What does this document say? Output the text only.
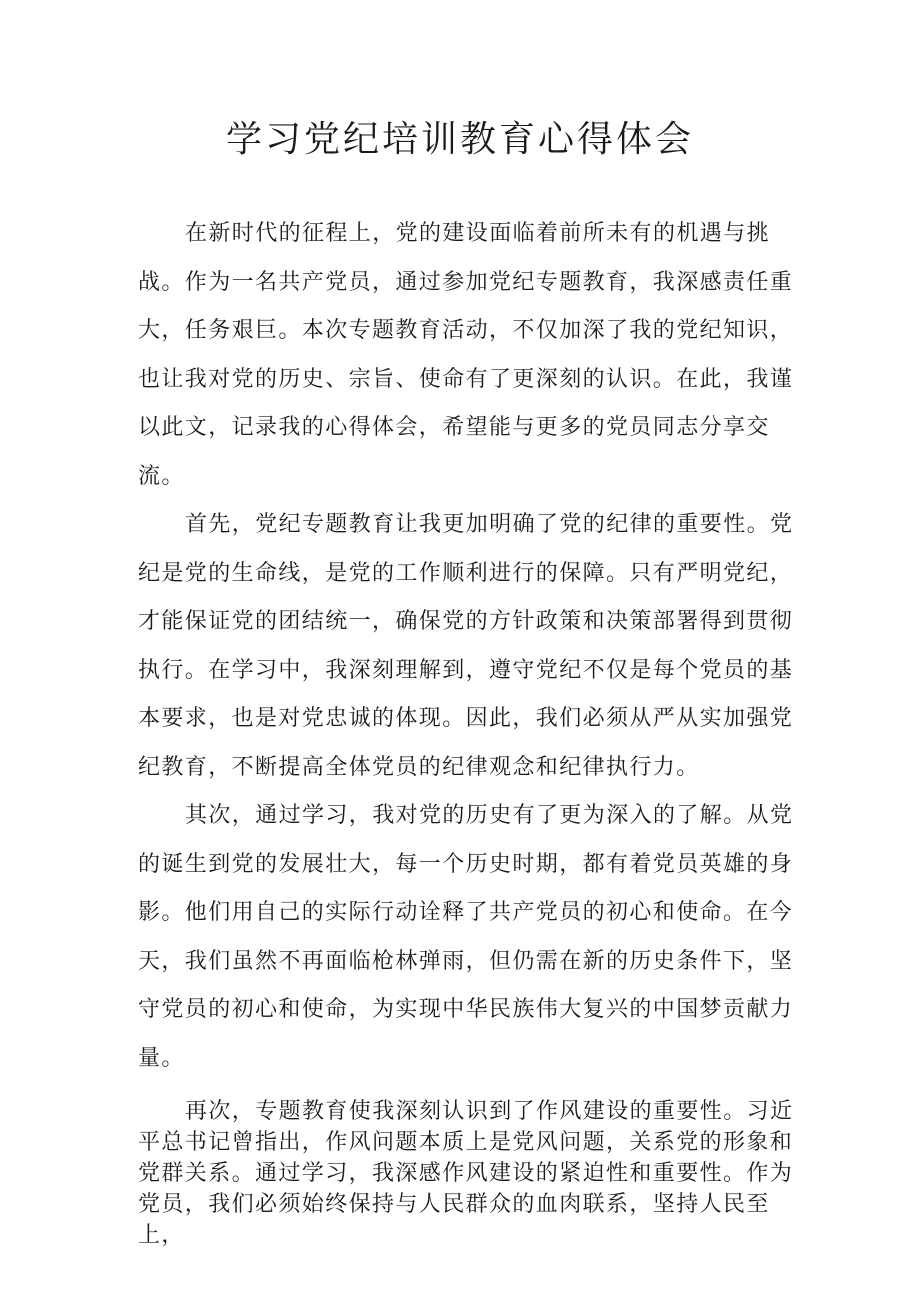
学习党纪培训教育心得体会

在新时代的征程上，党的建设面临着前所未有的机遇与挑战。作为一名共产党员，通过参加党纪专题教育，我深感责任重大，任务艰巨。本次专题教育活动，不仅加深了我的党纪知识，也让我对党的历史、宗旨、使命有了更深刻的认识。在此，我谨以此文，记录我的心得体会，希望能与更多的党员同志分享交流。

首先，党纪专题教育让我更加明确了党的纪律的重要性。党纪是党的生命线，是党的工作顺利进行的保障。只有严明党纪，才能保证党的团结统一，确保党的方针政策和决策部署得到贯彻执行。在学习中，我深刻理解到，遵守党纪不仅是每个党员的基本要求，也是对党忠诚的体现。因此，我们必须从严从实加强党纪教育，不断提高全体党员的纪律观念和纪律执行力。

其次，通过学习，我对党的历史有了更为深入的了解。从党的诞生到党的发展壮大，每一个历史时期，都有着党员英雄的身影。他们用自己的实际行动诠释了共产党员的初心和使命。在今天，我们虽然不再面临枪林弹雨，但仍需在新的历史条件下，坚守党员的初心和使命，为实现中华民族伟大复兴的中国梦贡献力量。

再次，专题教育使我深刻认识到了作风建设的重要性。习近平总书记曾指出，作风问题本质上是党风问题，关系党的形象和党群关系。通过学习，我深感作风建设的紧迫性和重要性。作为党员，我们必须始终保持与人民群众的血肉联系，坚持人民至上，
